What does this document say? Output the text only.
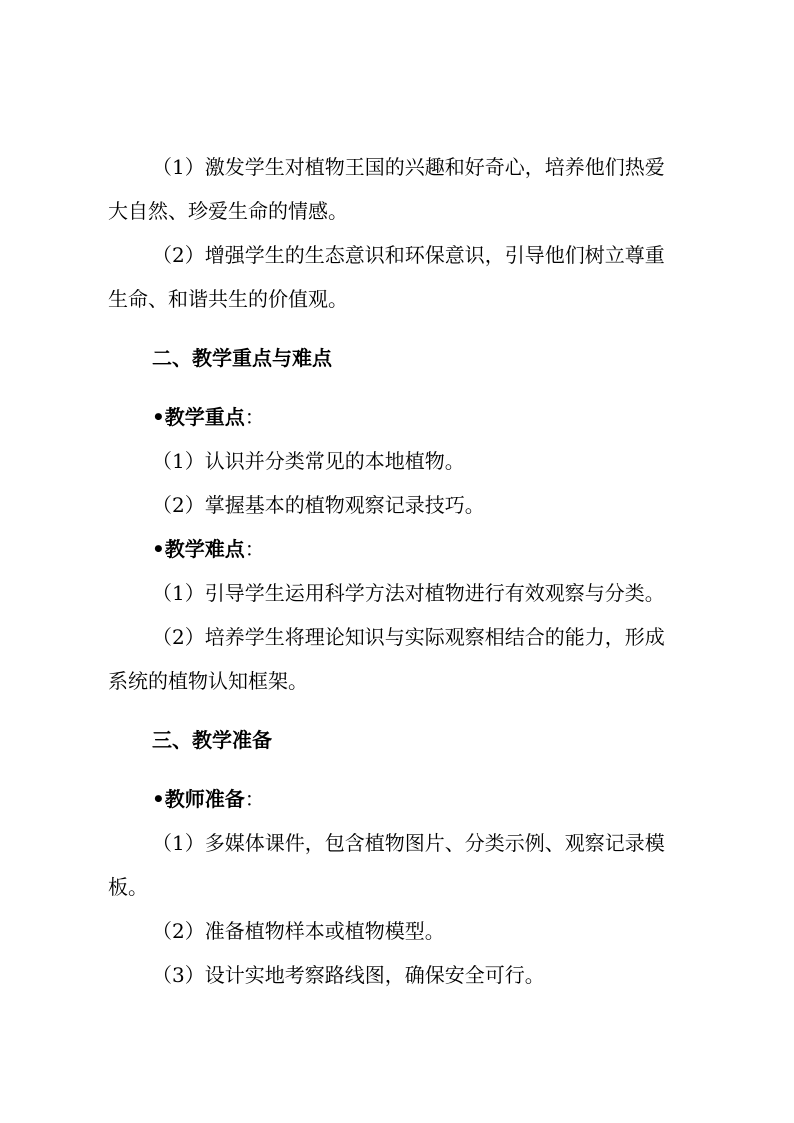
（1）激发学生对植物王国的兴趣和好奇心，培养他们热爱

大自然、珍爱生命的情感。

（2）增强学生的生态意识和环保意识，引导他们树立尊重

生命、和谐共生的价值观。

二、教学重点与难点

•教学重点：

（1）认识并分类常见的本地植物。

（2）掌握基本的植物观察记录技巧。

•教学难点：

（1）引导学生运用科学方法对植物进行有效观察与分类。

（2）培养学生将理论知识与实际观察相结合的能力，形成

系统的植物认知框架。

三、教学准备

•教师准备：

（1）多媒体课件，包含植物图片、分类示例、观察记录模

板。

（2）准备植物样本或植物模型。

（3）设计实地考察路线图，确保安全可行。
